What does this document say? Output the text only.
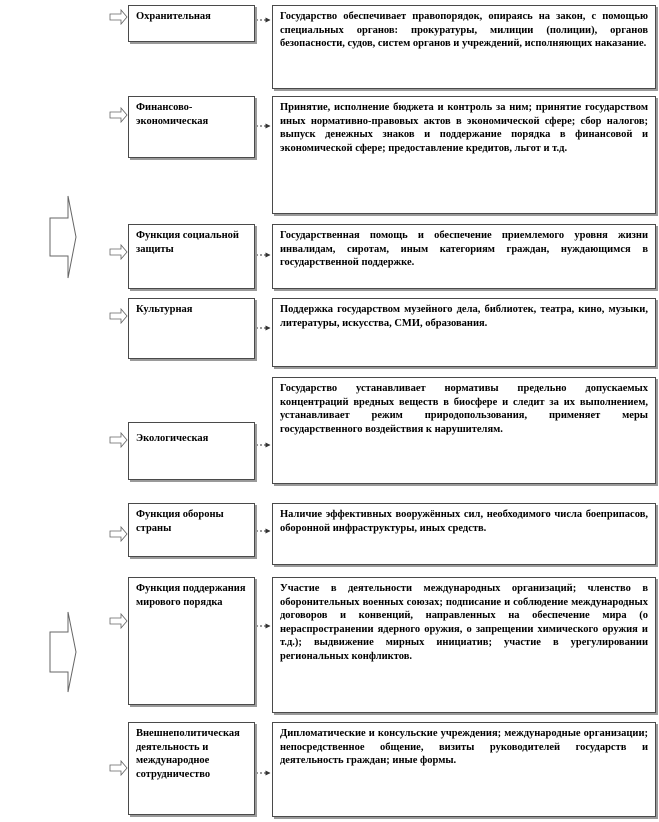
Охранительная	Государство обеспечивает правопорядок, опираясь на закон, с помощью специальных органов: прокуратуры, милиции (полиции), органов безопасности, судов, систем органов и учреждений, исполняющих наказание.
Финансово-экономическая
Принятие, исполнение бюджета и контроль за ним; принятие государством иных нормативно-правовых актов в экономической сфере; сбор налогов; выпуск денежных знаков и поддержание порядка в финансовой и экономической сфере; предоставление кредитов, льгот и т.д.
Функция социальной защиты
Государственная помощь и обеспечение приемлемого уровня жизни инвалидам, сиротам, иным категориям граждан, нуждающимся в государственной поддержке.
Культурная	Поддержка государством музейного дела, библиотек, театра, кино, музыки, литературы, искусства, СМИ, образования.
Экологическая
Государство устанавливает нормативы предельно допускаемых концентраций вредных веществ в биосфере и следит за их выполнением, устанавливает режим природопользования, применяет меры государственного воздействия к нарушителям.
Функция обороны страны
Наличие эффективных вооружённых сил, необходимого числа боеприпасов, оборонной инфраструктуры, иных средств.
Функция поддержания мирового порядка
Участие в деятельности международных организаций; членство в оборонительных военных союзах; подписание и соблюдение международных договоров и конвенций, направленных на обеспечение мира (о нераспространении ядерного оружия, о запрещении химического оружия и т.д.); выдвижение мирных инициатив; участие в урегулировании региональных конфликтов.
Внешнеполитическая деятельность и международное сотрудничество
Дипломатические и консульские учреждения; международные организации; непосредственное общение, визиты руководителей государств и деятельность граждан; иные формы.
